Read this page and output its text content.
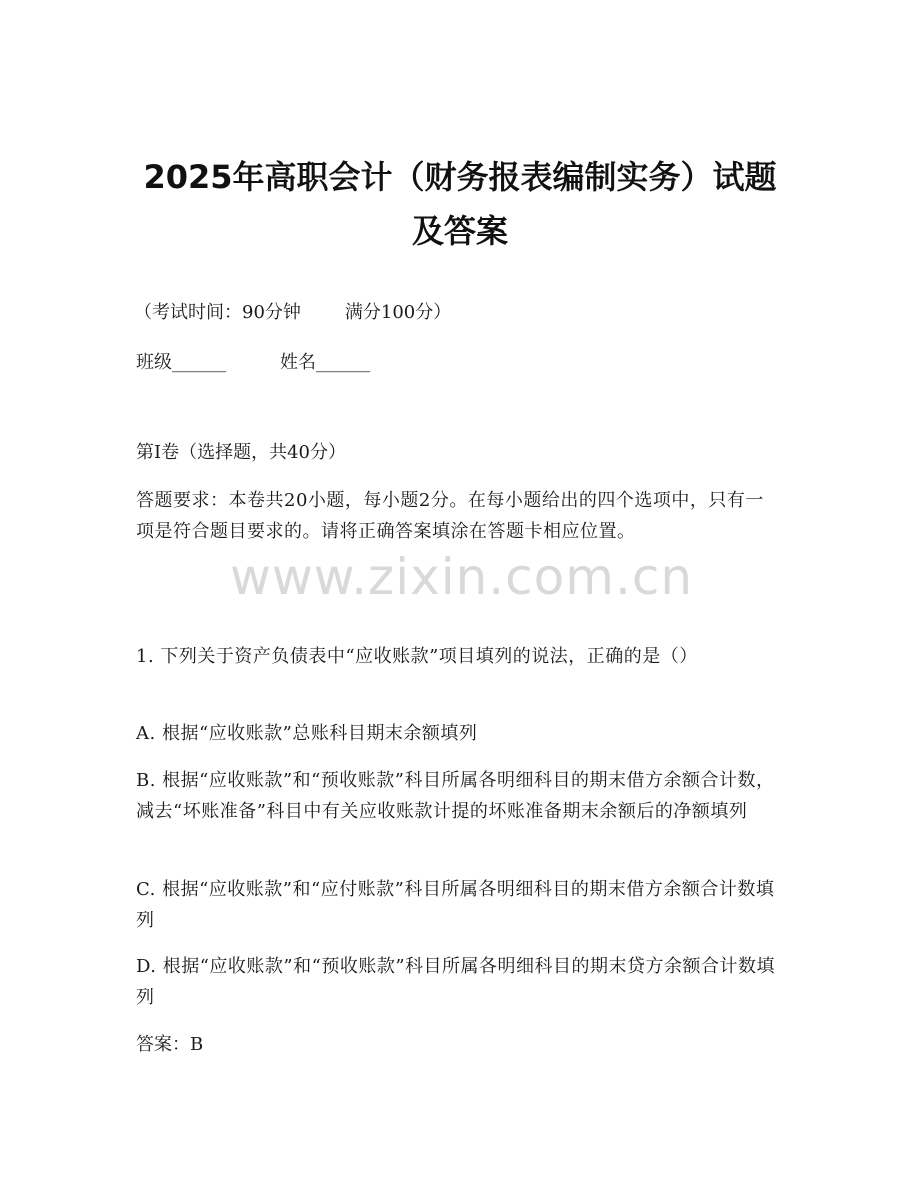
2025年高职会计（财务报表编制实务）试题
及答案
（考试时间：90分钟 满分100分）
班级______	姓名______
第I卷（选择题，共40分）
答题要求：本卷共20小题，每小题2分。在每小题给出的四个选项中，只有一项是符合题目要求的。请将正确答案填涂在答题卡相应位置。
www.zixin.com.cn
1. 下列关于资产负债表中“应收账款”项目填列的说法，正确的是（）
A. 根据“应收账款”总账科目期末余额填列
B. 根据“应收账款”和“预收账款”科目所属各明细科目的期末借方余额合计数，减去“坏账准备”科目中有关应收账款计提的坏账准备期末余额后的净额填列
C. 根据“应收账款”和“应付账款”科目所属各明细科目的期末借方余额合计数填列
D. 根据“应收账款”和“预收账款”科目所属各明细科目的期末贷方余额合计数填列
答案：B
